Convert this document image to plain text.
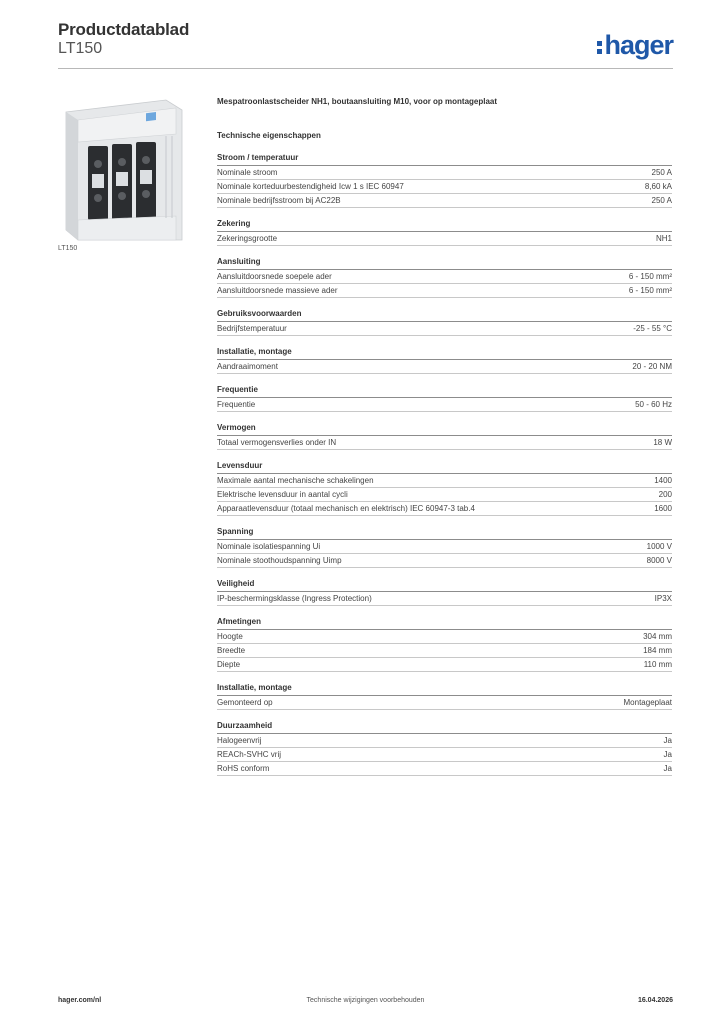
Productdatablad
LT150	hager
LT150
Mespatroonlastscheider NH1, boutaansluiting M10, voor op montageplaat
Technische eigenschappen
Stroom / temperatuur
Nominale stroom	250 A
Nominale korteduurbestendigheid Icw 1 s IEC 60947	8,60 kA
Nominale bedrijfsstroom bij AC22B	250 A
Zekering
Zekeringsgrootte	NH1
Aansluiting
Aansluitdoorsnede soepele ader	6 - 150 mm²
Aansluitdoorsnede massieve ader	6 - 150 mm²
Gebruiksvoorwaarden
Bedrijfstemperatuur	-25 - 55 °C
Installatie, montage
Aandraaimoment	20 - 20 NM
Frequentie
Frequentie	50 - 60 Hz
Vermogen
Totaal vermogensverlies onder IN	18 W
Levensduur
Maximale aantal mechanische schakelingen	1400
Elektrische levensduur in aantal cycli	200
Apparaatlevensduur (totaal mechanisch en elektrisch) IEC 60947-3 tab.4	1600
Spanning
Nominale isolatiespanning Ui	1000 V
Nominale stoothoudspanning Uimp	8000 V
Veiligheid
IP-beschermingsklasse (Ingress Protection)	IP3X
Afmetingen
Hoogte	304 mm
Breedte	184 mm
Diepte	110 mm
Installatie, montage
Gemonteerd op	Montageplaat
Duurzaamheid
Halogeenvrij	Ja
REACh-SVHC vrij	Ja
RoHS conform	Ja
Technische wijzigingen voorbehouden
hager.com/nl	16.04.2026
